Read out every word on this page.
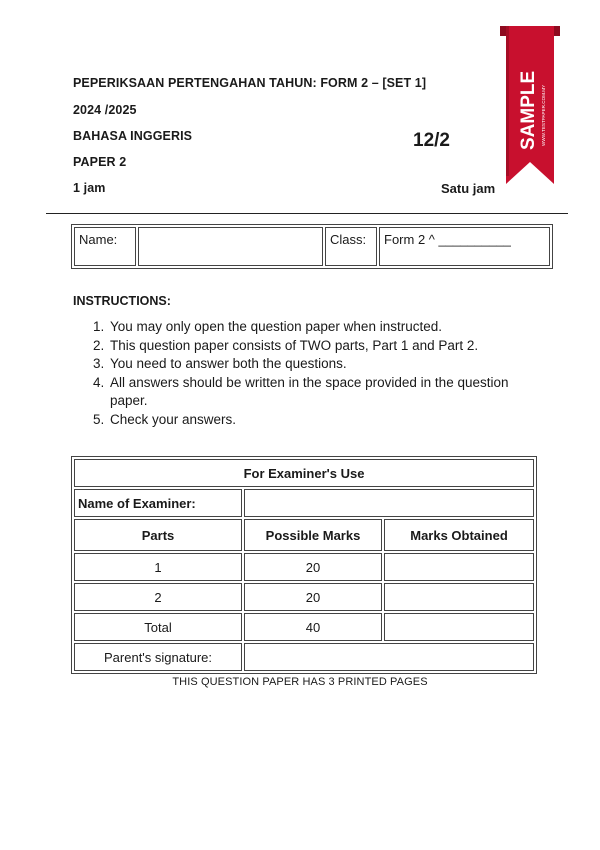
PEPERIKSAAN PERTENGAHAN TAHUN: FORM 2 – [SET 1]
2024 /2025
BAHASA INGGERIS
PAPER 2
1 jam
12/2
Satu jam
SAMPLE WWW.TESTPAPER.COM.MY
Name:		Class:	Form 2 ^ __________
INSTRUCTIONS:
1. You may only open the question paper when instructed.
2. This question paper consists of TWO parts, Part 1 and Part 2.
3. You need to answer both the questions.
4. All answers should be written in the space provided in the question paper.
5. Check your answers.
For Examiner's Use		
Name of Examiner:		
Parts	Possible Marks	Marks Obtained
1	20	
2	20	
Total	40	
Parent's signature:		
THIS QUESTION PAPER HAS 3 PRINTED PAGES
